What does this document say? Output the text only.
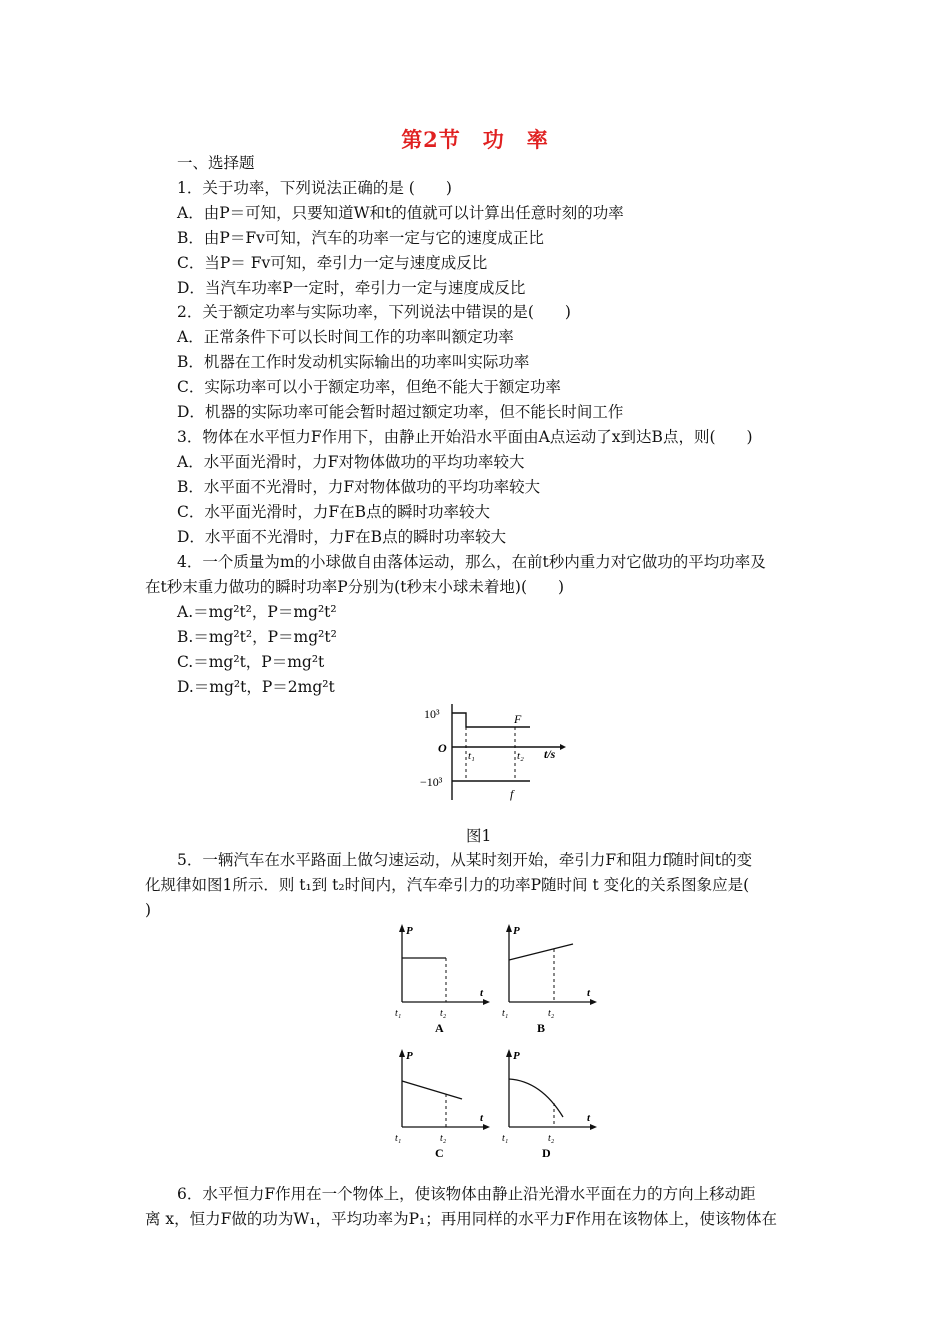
第2节　功　率
一、选择题
1．关于功率，下列说法正确的是 (　　)
A．由P＝可知，只要知道W和t的值就可以计算出任意时刻的功率
B．由P＝Fv可知，汽车的功率一定与它的速度成正比
C．当P＝ Fv可知，牵引力一定与速度成反比
D．当汽车功率P一定时，牵引力一定与速度成反比
2．关于额定功率与实际功率，下列说法中错误的是(　　)
A．正常条件下可以长时间工作的功率叫额定功率
B．机器在工作时发动机实际输出的功率叫实际功率
C．实际功率可以小于额定功率，但绝不能大于额定功率
D．机器的实际功率可能会暂时超过额定功率，但不能长时间工作
3．物体在水平恒力F作用下，由静止开始沿水平面由A点运动了x到达B点，则(　　)
A．水平面光滑时，力F对物体做功的平均功率较大
B．水平面不光滑时，力F对物体做功的平均功率较大
C．水平面光滑时，力F在B点的瞬时功率较大
D．水平面不光滑时，力F在B点的瞬时功率较大
4．一个质量为m的小球做自由落体运动，那么，在前t秒内重力对它做功的平均功率及
在t秒末重力做功的瞬时功率P分别为(t秒末小球未着地)(　　)
A.＝mg²t²，P＝mg²t²
B.＝mg²t²，P＝mg²t²
C.＝mg²t，P＝mg²t
D.＝mg²t，P＝2mg²t
10³
O
−10³
t₁	t₂ t/s
F
f
图1
5．一辆汽车在水平路面上做匀速运动，从某时刻开始，牵引力F和阻力f随时间t的变
化规律如图1所示．则 t₁到 t₂时间内，汽车牵引力的功率P随时间 t 变化的关系图象应是(
)
P
t
t₁	t₂
A
P
t
t₁	t₂
B
P
t
t₁	t₂
C
P
t
t₁	t₂
D
6．水平恒力F作用在一个物体上，使该物体由静止沿光滑水平面在力的方向上移动距
离 x，恒力F做的功为W₁，平均功率为P₁；再用同样的水平力F作用在该物体上，使该物体在
